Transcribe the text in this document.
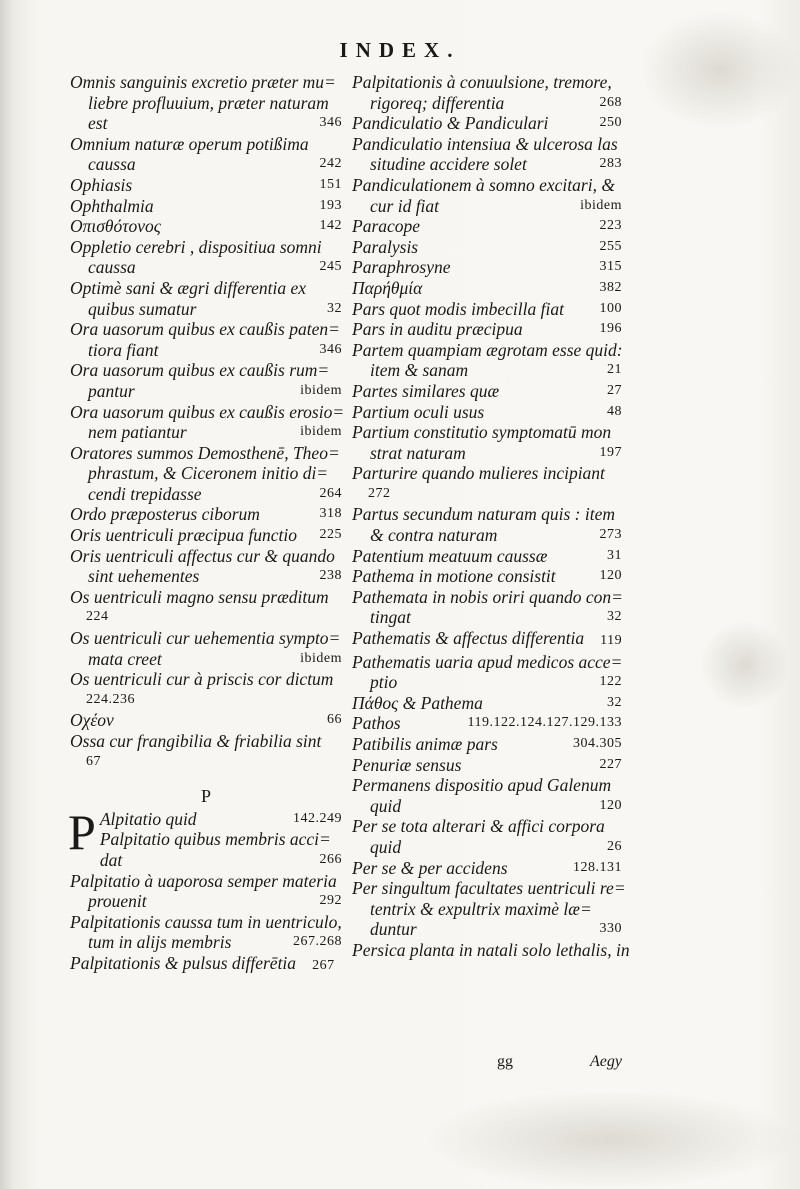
INDEX.
Omnis sanguinis excretio prӕter mu=
liebre profluuium, prӕter naturam
est	346
Omnium naturӕ operum potißima
caussa	242
Ophiasis	151
Ophthalmia	193
Οπισθότονος	142
Oppletio cerebri , dispositiua somni
caussa	245
Optimè sani & ӕgri differentia ex
quibus sumatur	32
Ora uasorum quibus ex caußis paten=
tiora fiant	346
Ora uasorum quibus ex caußis rum=
pantur	ibidem
Ora uasorum quibus ex caußis erosio=
nem patiantur	ibidem
Oratores summos Demosthenē, Theo=
phrastum, & Ciceronem initio di=
cendi trepidasse	264
Ordo prӕposterus ciborum	318
Oris uentriculi prӕcipua functio 225
Oris uentriculi affectus cur & quando
sint uehementes	238
Os uentriculi magno sensu prӕditum
224
Os uentriculi cur uehementia sympto=
mata creet	ibidem
Os uentriculi cur à priscis cor dictum
224.236
Οχέον	66
Ossa cur frangibilia & friabilia sint
67
P
P Alpitatio quid	142.249
Palpitatio quibus membris acci=
dat	266
Palpitatio à uaporosa semper materia
prouenit	292
Palpitationis caussa tum in uentriculo,
tum in alijs membris	267.268
Palpitationis & pulsus differētia 267
Palpitationis à conuulsione, tremore,
rigoreq; differentia	268
Pandiculatio & Pandiculari	250
Pandiculatio intensiua & ulcerosa las
situdine accidere solet	283
Pandiculationem à somno excitari, &
cur id fiat	ibidem
Paracope	223
Paralysis	255
Paraphrosyne	315
Παρήθμία	382
Pars quot modis imbecilla fiat	100
Pars in auditu prӕcipua	196
Partem quampiam ӕgrotam esse quid:
item & sanam	21
Partes similares quӕ	27
Partium oculi usus	48
Partium constitutio symptomatū mon
strat naturam	197
Parturire quando mulieres incipiant
272
Partus secundum naturam quis : item
& contra naturam	273
Patentium meatuum caussӕ	31
Pathema in motione consistit	120
Pathemata in nobis oriri quando con=
tingat	32
Pathematis & affectus differentia 119
Pathematis uaria apud medicos acce=
ptio	122
Πάθος & Pathema	32
Pathos	119.122.124.127.129.133
Patibilis animӕ pars	304.305
Penuriӕ sensus	227
Permanens dispositio apud Galenum
quid	120
Per se tota alterari & affici corpora
quid	26
Per se & per accidens	128.131
Per singultum facultates uentriculi re=
tentrix & expultrix maximè lӕ=
duntur	330
Persica planta in natali solo lethalis, in
gg	Aegy
